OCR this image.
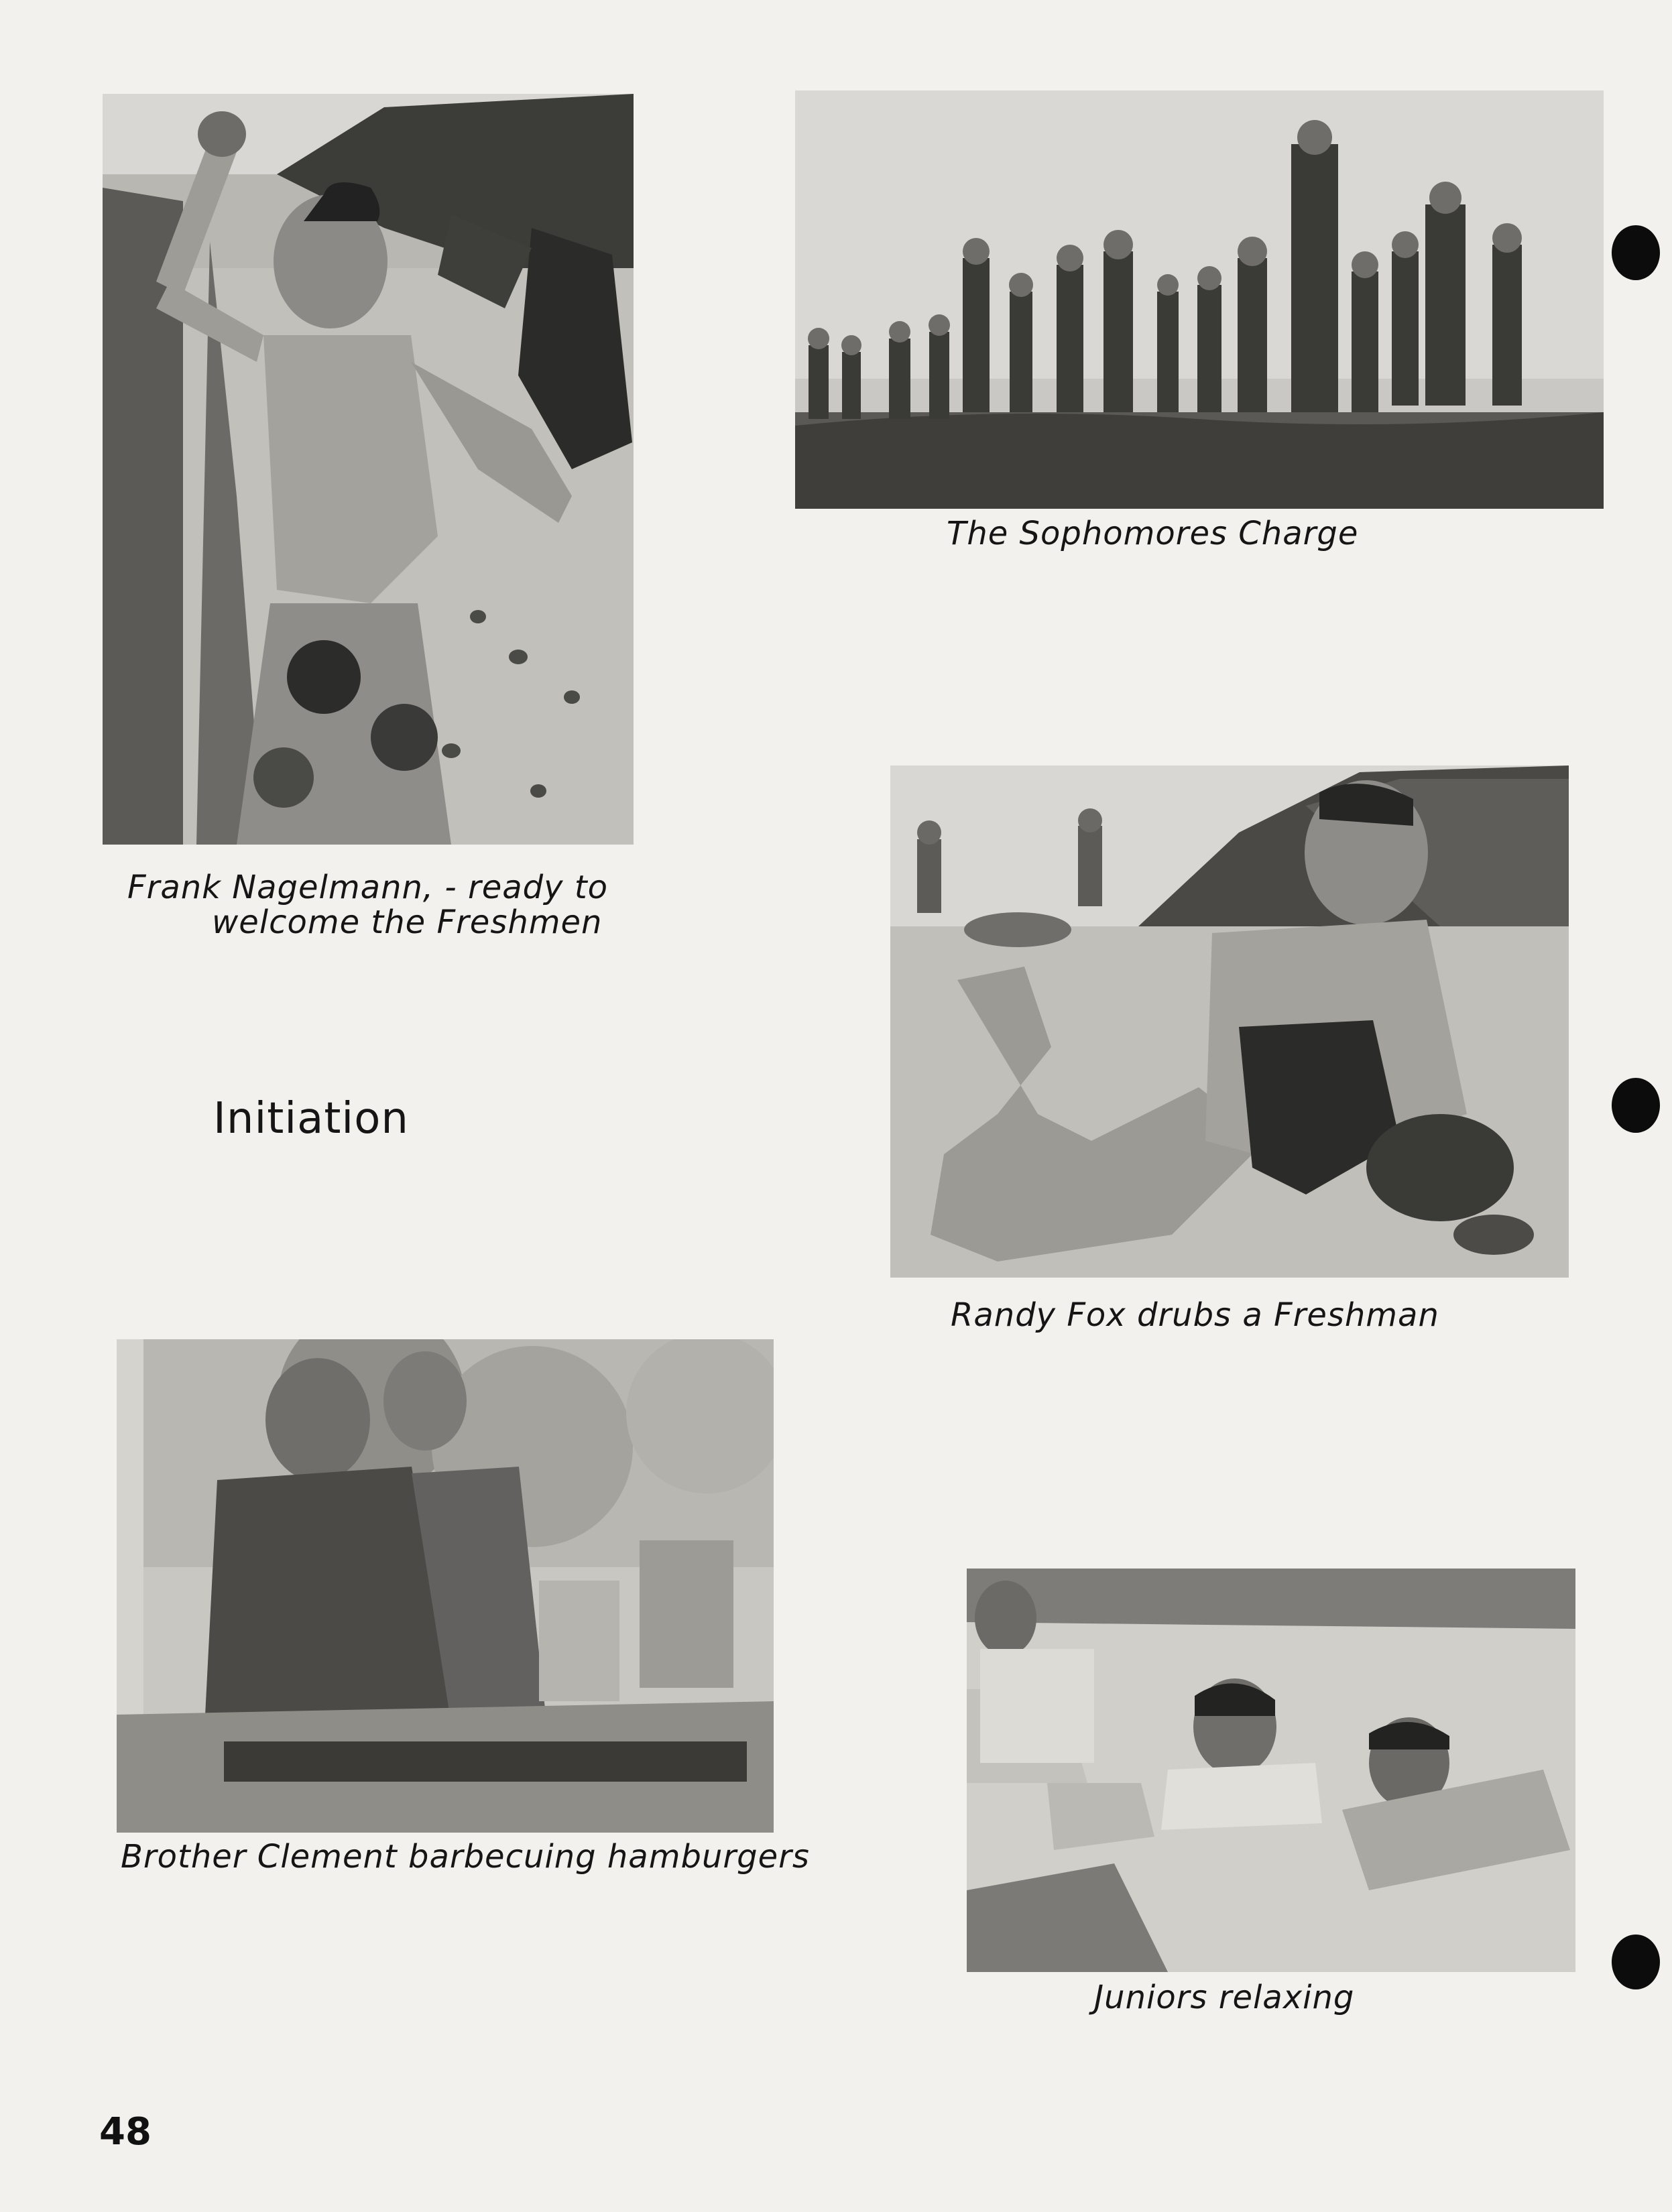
Frank Nagelmann, - ready to
welcome the Freshmen
The Sophomores Charge
Randy Fox drubs a Freshman
Initiation
Brother Clement barbecuing hamburgers
Juniors relaxing
48
